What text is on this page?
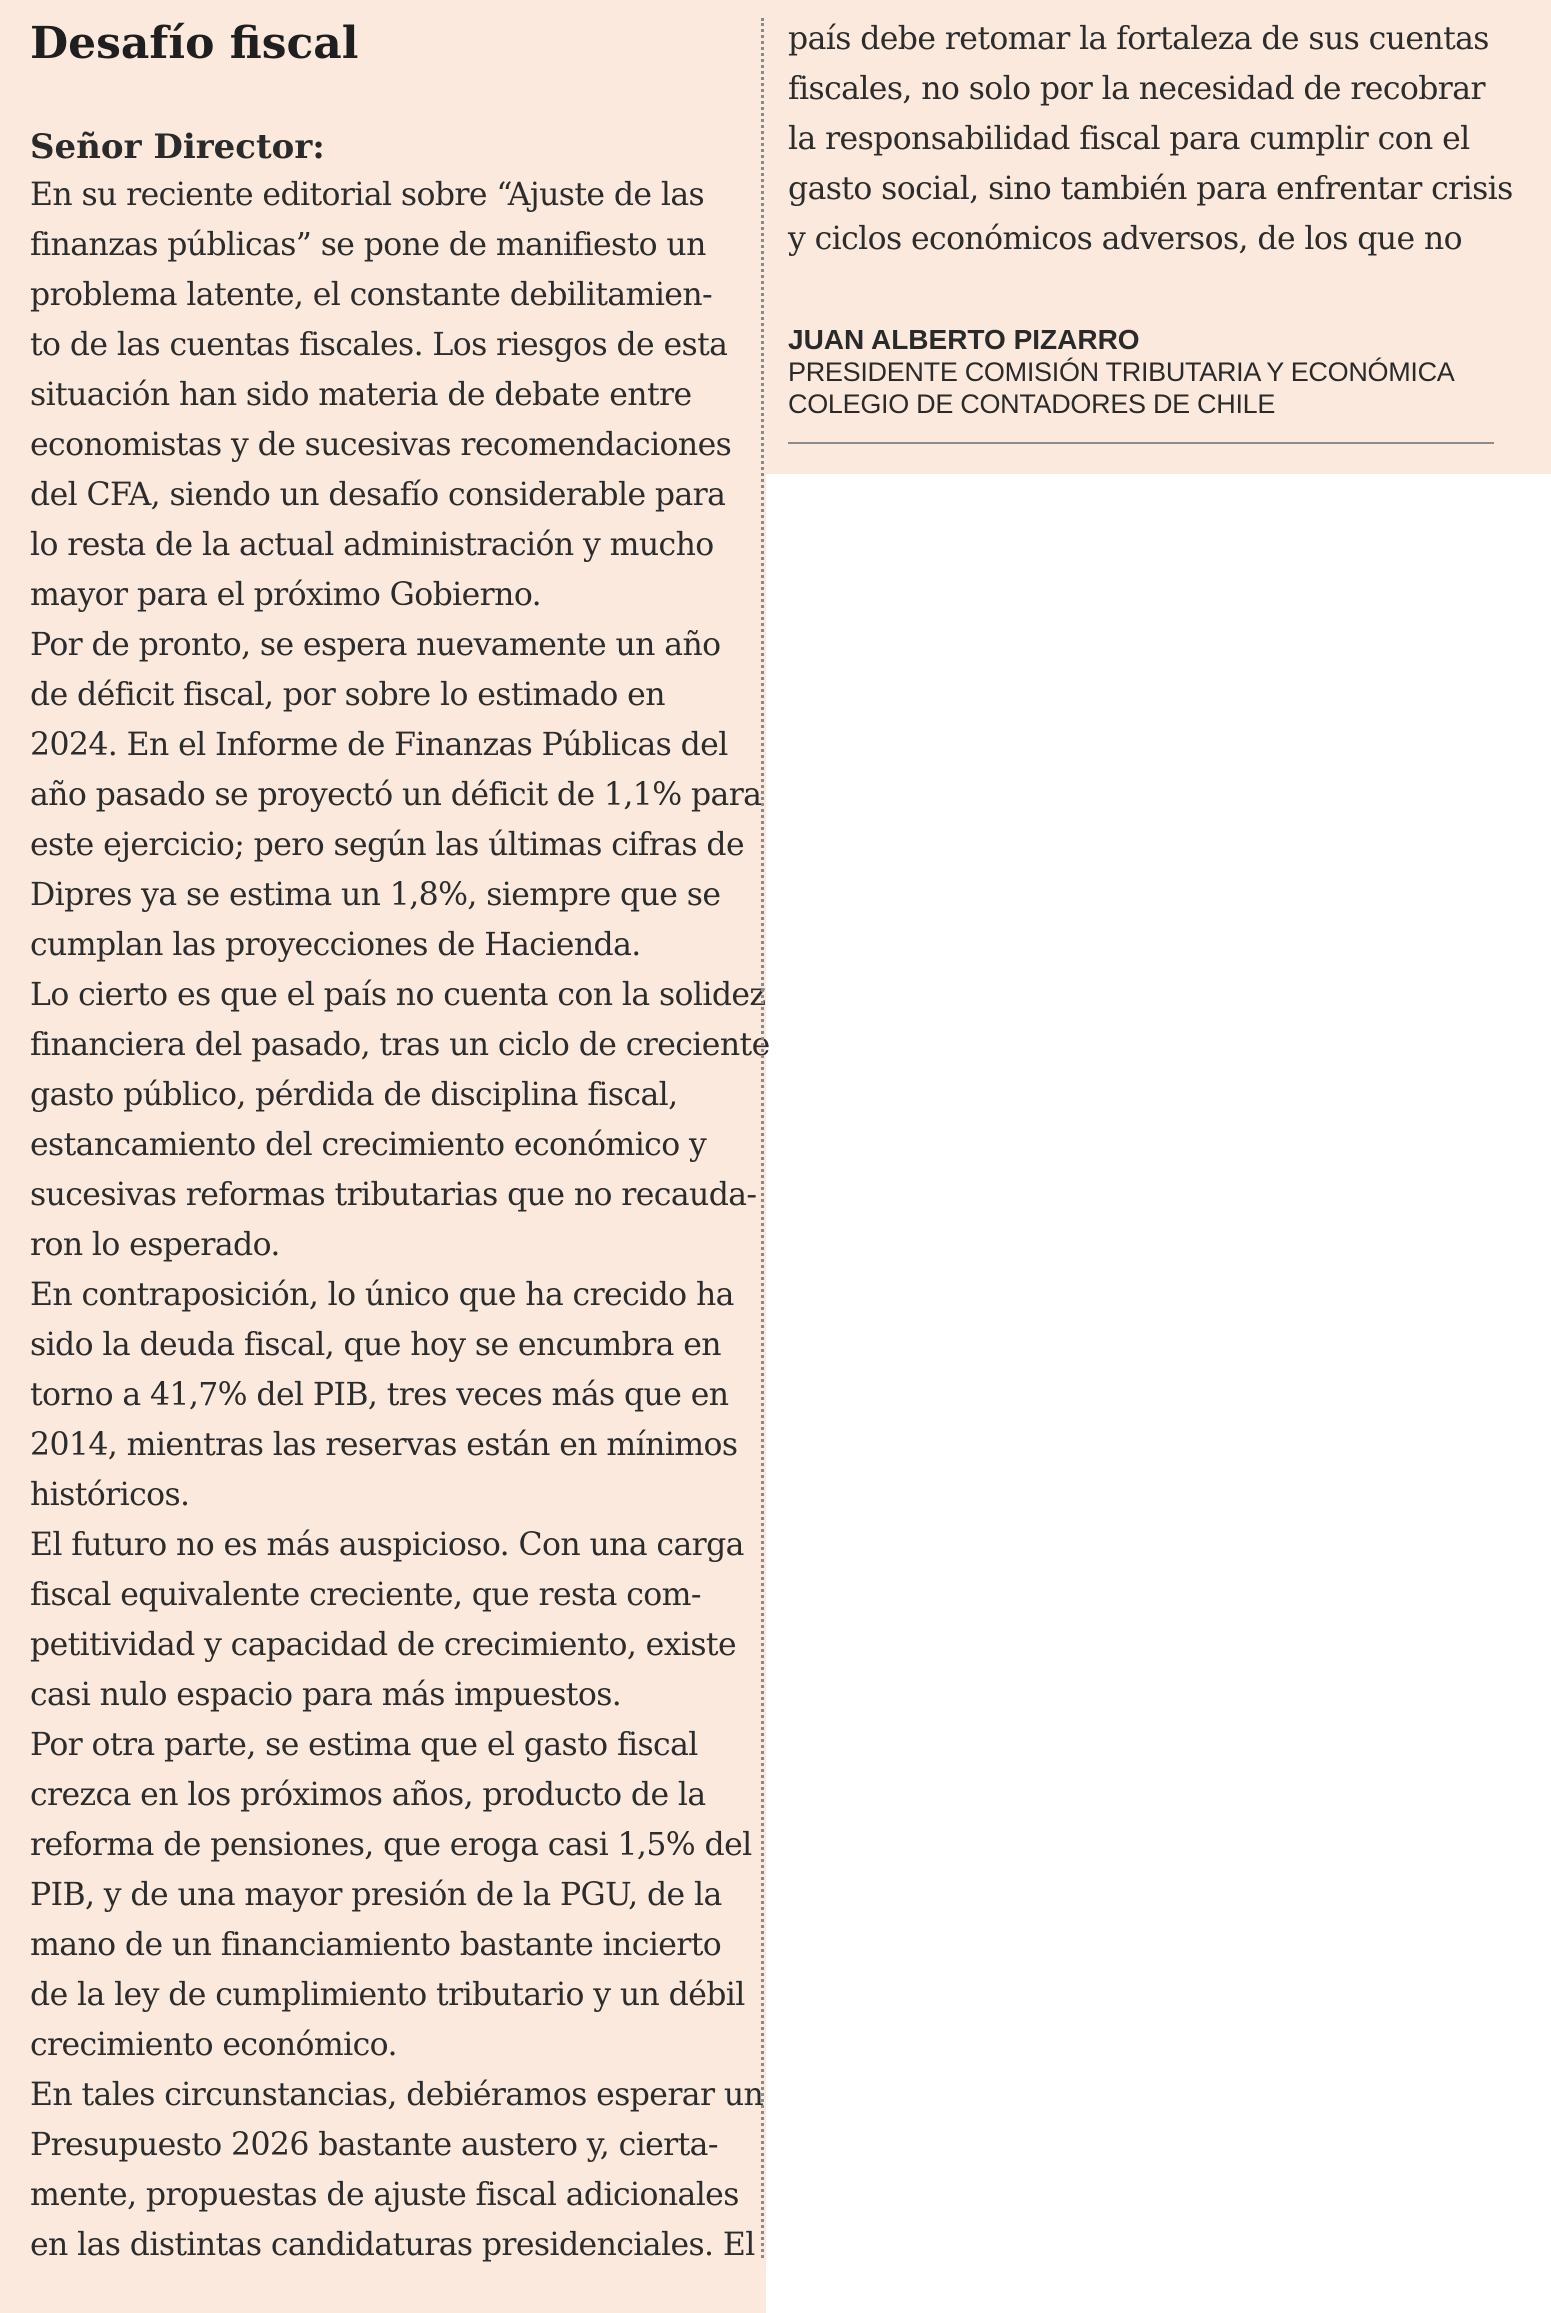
Desafío fiscal

Señor Director:

En su reciente editorial sobre “Ajuste de las
finanzas públicas” se pone de manifiesto un
problema latente, el constante debilitamien-
to de las cuentas fiscales. Los riesgos de esta
situación han sido materia de debate entre
economistas y de sucesivas recomendaciones
del CFA, siendo un desafío considerable para
lo resta de la actual administración y mucho
mayor para el próximo Gobierno.
Por de pronto, se espera nuevamente un año
de déficit fiscal, por sobre lo estimado en
2024. En el Informe de Finanzas Públicas del
año pasado se proyectó un déficit de 1,1% para
este ejercicio; pero según las últimas cifras de
Dipres ya se estima un 1,8%, siempre que se
cumplan las proyecciones de Hacienda.
Lo cierto es que el país no cuenta con la solidez
financiera del pasado, tras un ciclo de creciente
gasto público, pérdida de disciplina fiscal,
estancamiento del crecimiento económico y
sucesivas reformas tributarias que no recauda-
ron lo esperado.
En contraposición, lo único que ha crecido ha
sido la deuda fiscal, que hoy se encumbra en
torno a 41,7% del PIB, tres veces más que en
2014, mientras las reservas están en mínimos
históricos.
El futuro no es más auspicioso. Con una carga
fiscal equivalente creciente, que resta com-
petitividad y capacidad de crecimiento, existe
casi nulo espacio para más impuestos.
Por otra parte, se estima que el gasto fiscal
crezca en los próximos años, producto de la
reforma de pensiones, que eroga casi 1,5% del
PIB, y de una mayor presión de la PGU, de la
mano de un financiamiento bastante incierto
de la ley de cumplimiento tributario y un débil
crecimiento económico.
En tales circunstancias, debiéramos esperar un
Presupuesto 2026 bastante austero y, cierta-
mente, propuestas de ajuste fiscal adicionales
en las distintas candidaturas presidenciales. El
país debe retomar la fortaleza de sus cuentas
fiscales, no solo por la necesidad de recobrar
la responsabilidad fiscal para cumplir con el
gasto social, sino también para enfrentar crisis
y ciclos económicos adversos, de los que no
JUAN ALBERTO PIZARRO
PRESIDENTE COMISIÓN TRIBUTARIA Y ECONÓMICA
COLEGIO DE CONTADORES DE CHILE
